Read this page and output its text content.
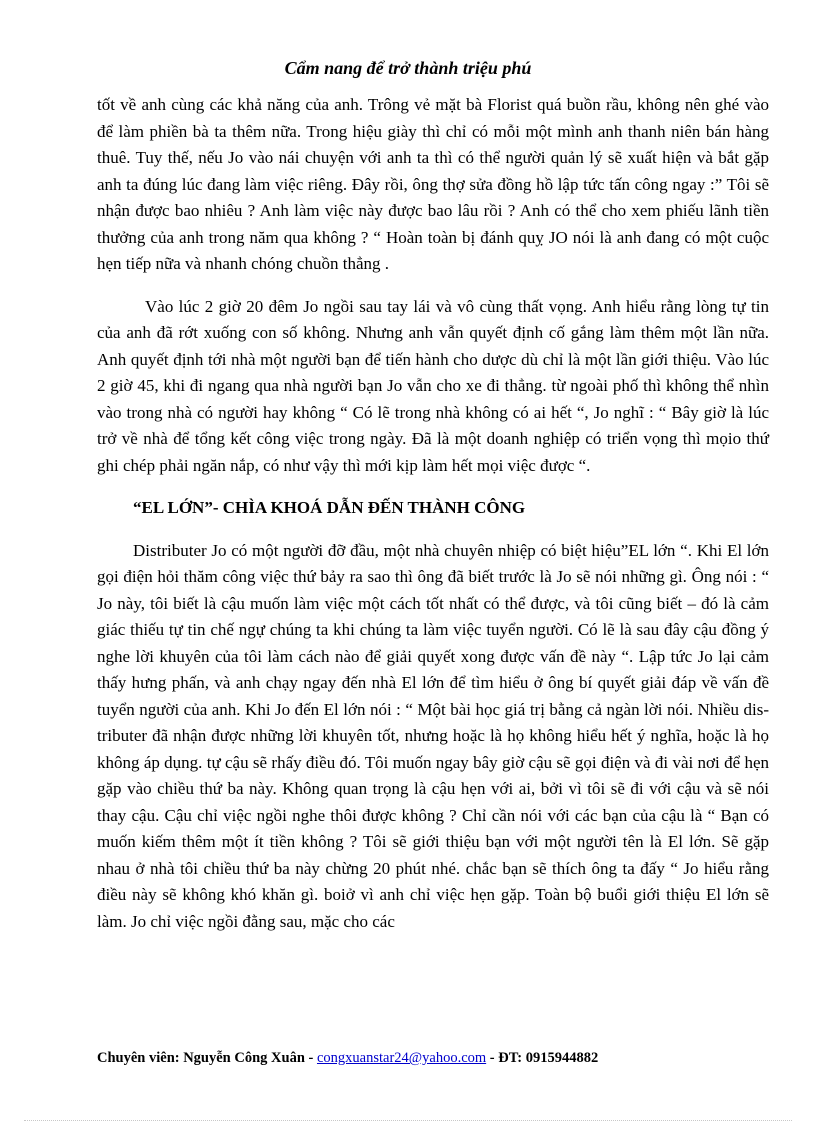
Cẩm nang để trở thành triệu phú

tốt về anh cùng các khả năng của anh. Trông vẻ mặt bà Florist quá buồn rầu, không nên ghé vào để làm phiền bà ta thêm nữa. Trong hiệu giày thì chỉ có mỗi một mình anh thanh niên bán hàng thuê. Tuy thế, nếu Jo vào nái chuyện với anh ta thì có thể người quản lý sẽ xuất hiện và bắt gặp anh ta đúng lúc đang làm việc riêng. Đây rồi, ông thợ sửa đồng hồ lập tức tấn công ngay :” Tôi sẽ nhận được bao nhiêu ? Anh làm việc này được bao lâu rồi ? Anh có thể cho xem phiếu lãnh tiền thưởng của anh trong năm qua không ? “ Hoàn toàn bị đánh quỵ JO nói là anh đang có một cuộc hẹn tiếp nữa và nhanh chóng chuồn thẳng .

Vào lúc 2 giờ 20 đêm Jo ngồi sau tay lái và vô cùng thất vọng. Anh hiểu rằng lòng tự tin của anh đã rớt xuống con số không. Nhưng anh vẫn quyết định cố gắng làm thêm một lần nữa. Anh quyết định tới nhà một người bạn để tiến hành cho dược dù chỉ là một lần giới thiệu. Vào lúc 2 giờ 45, khi đi ngang qua nhà người bạn Jo vẫn cho xe đi thẳng. từ ngoài phố thì không thể nhìn vào trong nhà có người hay không “ Có lẽ trong nhà không có ai hết “, Jo nghĩ : “ Bây giờ là lúc trở về nhà để tổng kết công việc trong ngày. Đã là một doanh nghiệp có triển vọng thì mọio thứ ghi chép phải ngăn nắp, có như vậy thì mới kịp làm hết mọi việc được “.

“EL LỚN”- CHÌA KHOÁ DẪN ĐẾN THÀNH CÔNG

Distributer Jo có một người đỡ đầu, một nhà chuyên nhiệp có biệt hiệu”EL lớn “. Khi El lớn gọi điện hỏi thăm công việc thứ bảy ra sao thì ông đã biết trước là Jo sẽ nói những gì. Ông nói : “ Jo này, tôi biết là cậu muốn làm việc một cách tốt nhất có thể được, và tôi cũng biết – đó là cảm giác thiếu tự tin chế ngự chúng ta khi chúng ta làm việc tuyển người. Có lẽ là sau đây cậu đồng ý nghe lời khuyên của tôi làm cách nào để giải quyết xong được vấn đề này “. Lập tức Jo lại cảm thấy hưng phấn, và anh chạy ngay đến nhà El lớn để tìm hiểu ở ông bí quyết giải đáp về vấn đề tuyển người của anh. Khi Jo đến El lớn nói : “ Một bài học giá trị bằng cả ngàn lời nói. Nhiều dis-tributer đã nhận được những lời khuyên tốt, nhưng hoặc là họ không hiểu hết ý nghĩa, hoặc là họ không áp dụng. tự cậu sẽ rhấy điều đó. Tôi muốn ngay bây giờ cậu sẽ gọi điện và đi vài nơi để hẹn gặp vào chiều thứ ba này. Không quan trọng là cậu hẹn với ai, bởi vì tôi sẽ đi với cậu và sẽ nói thay cậu. Cậu chỉ việc ngồi nghe thôi được không ? Chỉ cần nói với các bạn của cậu là “ Bạn có muốn kiếm thêm một ít tiền không ? Tôi sẽ giới thiệu bạn với một người tên là El lớn. Sẽ gặp nhau ở nhà tôi chiều thứ ba này chừng 20 phút nhé. chắc bạn sẽ thích ông ta đấy “ Jo hiểu rằng điều này sẽ không khó khăn gì. boiở vì anh chỉ việc hẹn gặp. Toàn bộ buổi giới thiệu El lớn sẽ làm. Jo chỉ việc ngồi đằng sau, mặc cho các

Chuyên viên: Nguyễn Công Xuân - congxuanstar24@yahoo.com - ĐT: 0915944882
